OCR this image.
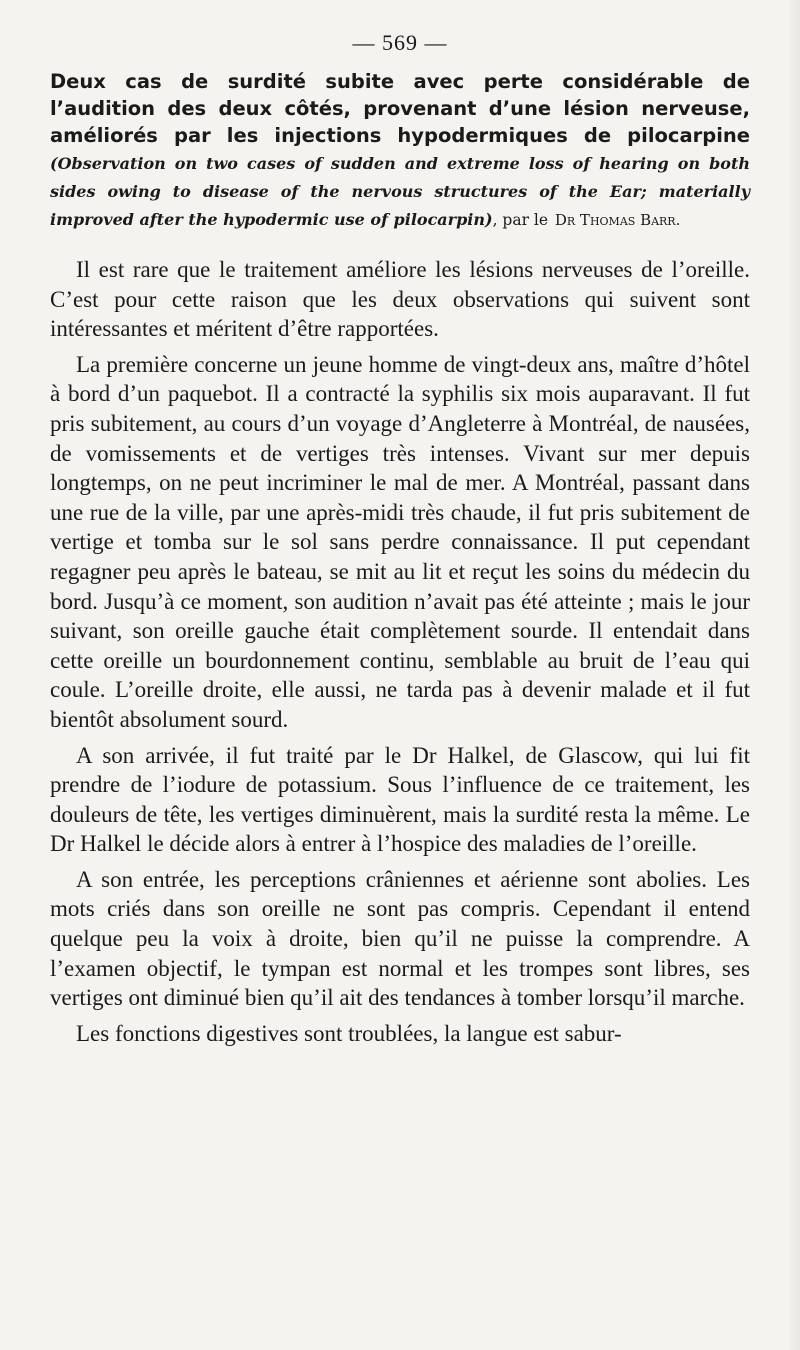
— 569 —

Deux cas de surdité subite avec perte considérable de l’audition des deux côtés, provenant d’une lésion nerveuse, améliorés par les injections hypodermiques de pilocarpine (Observation on two cases of sudden and extreme loss of hearing on both sides owing to disease of the nervous structures of the Ear; materially improved after the hypodermic use of pilocarpin), par le Dr Thomas Barr.

Il est rare que le traitement améliore les lésions nerveuses de l’oreille. C’est pour cette raison que les deux observations qui suivent sont intéressantes et méritent d’être rapportées.

La première concerne un jeune homme de vingt-deux ans, maître d’hôtel à bord d’un paquebot. Il a contracté la syphilis six mois auparavant. Il fut pris subitement, au cours d’un voyage d’Angleterre à Montréal, de nausées, de vomissements et de vertiges très intenses. Vivant sur mer depuis longtemps, on ne peut incriminer le mal de mer. A Montréal, passant dans une rue de la ville, par une après-midi très chaude, il fut pris subitement de vertige et tomba sur le sol sans perdre connaissance. Il put cependant regagner peu après le bateau, se mit au lit et reçut les soins du médecin du bord. Jusqu’à ce moment, son audition n’avait pas été atteinte ; mais le jour suivant, son oreille gauche était complètement sourde. Il entendait dans cette oreille un bourdonnement continu, semblable au bruit de l’eau qui coule. L’oreille droite, elle aussi, ne tarda pas à devenir malade et il fut bientôt absolument sourd.

A son arrivée, il fut traité par le Dr Halkel, de Glascow, qui lui fit prendre de l’iodure de potassium. Sous l’influence de ce traitement, les douleurs de tête, les vertiges diminuèrent, mais la surdité resta la même. Le Dr Halkel le décide alors à entrer à l’hospice des maladies de l’oreille.

A son entrée, les perceptions crâniennes et aérienne sont abolies. Les mots criés dans son oreille ne sont pas compris. Cependant il entend quelque peu la voix à droite, bien qu’il ne puisse la comprendre. A l’examen objectif, le tympan est normal et les trompes sont libres, ses vertiges ont diminué bien qu’il ait des tendances à tomber lorsqu’il marche.

Les fonctions digestives sont troublées, la langue est sabur-
